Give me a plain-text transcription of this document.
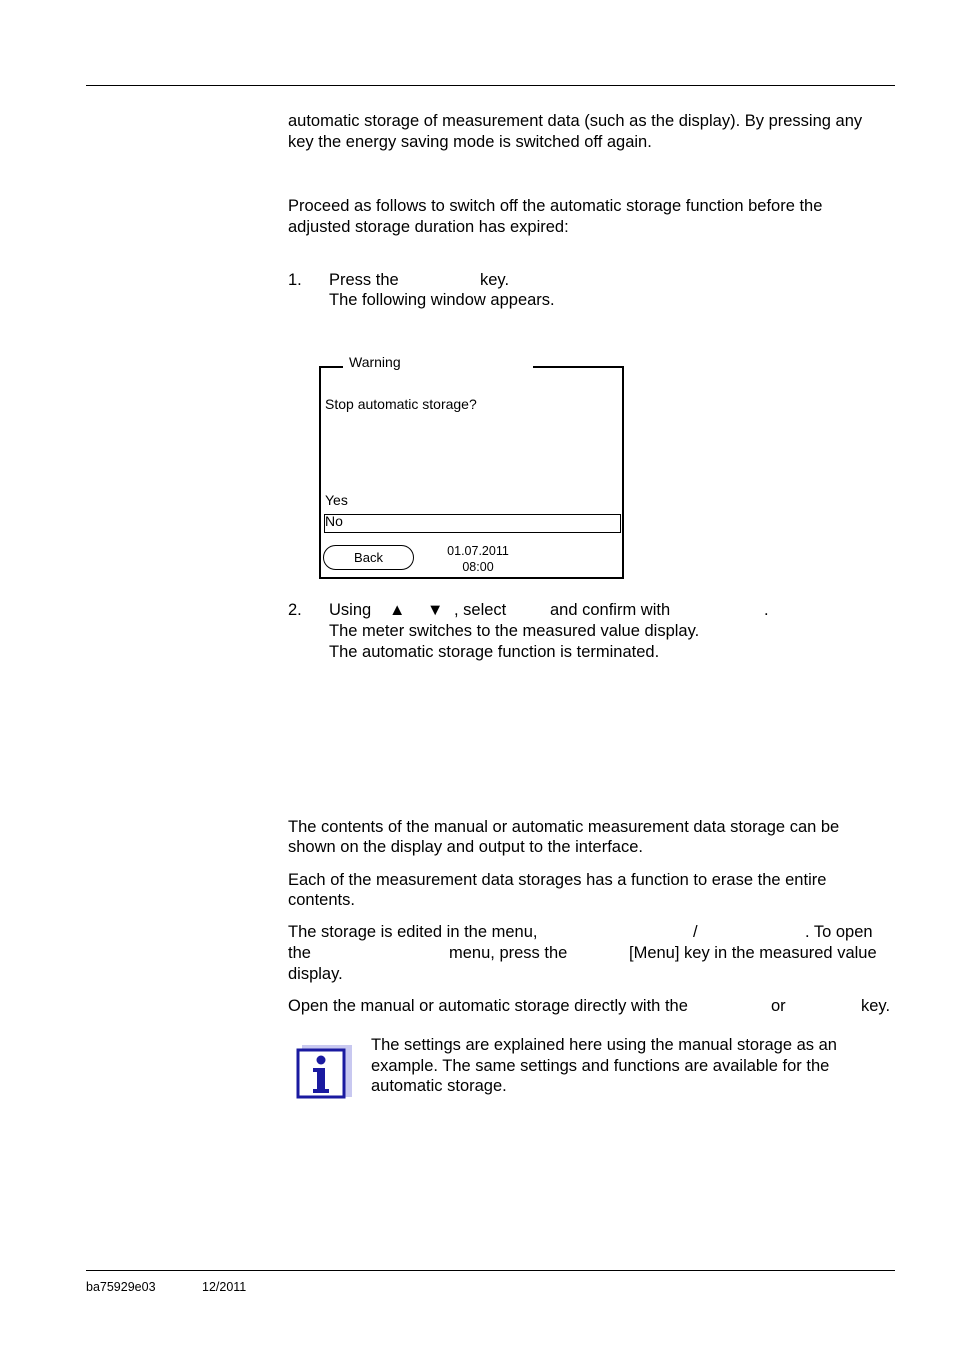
automatic storage of measurement data (such as the display). By pressing any
key the energy saving mode is switched off again.
Proceed as follows to switch off the automatic storage function before the
adjusted storage duration has expired:
1. Press the	key.
The following window appears.
Warning
Stop automatic storage?
Yes
No
Back	01.07.2011
08:00
2. Using ▲ ▼ , select	and confirm with	.
The meter switches to the measured value display.
The automatic storage function is terminated.
The contents of the manual or automatic measurement data storage can be
shown on the display and output to the interface.
Each of the measurement data storages has a function to erase the entire
contents.
The storage is edited in the menu,	/	. To open
the	menu, press the	[Menu] key in the measured value
display.
Open the manual or automatic storage directly with the	or	key.
The settings are explained here using the manual storage as an
example. The same settings and functions are available for the
automatic storage.
ba75929e03	12/2011
